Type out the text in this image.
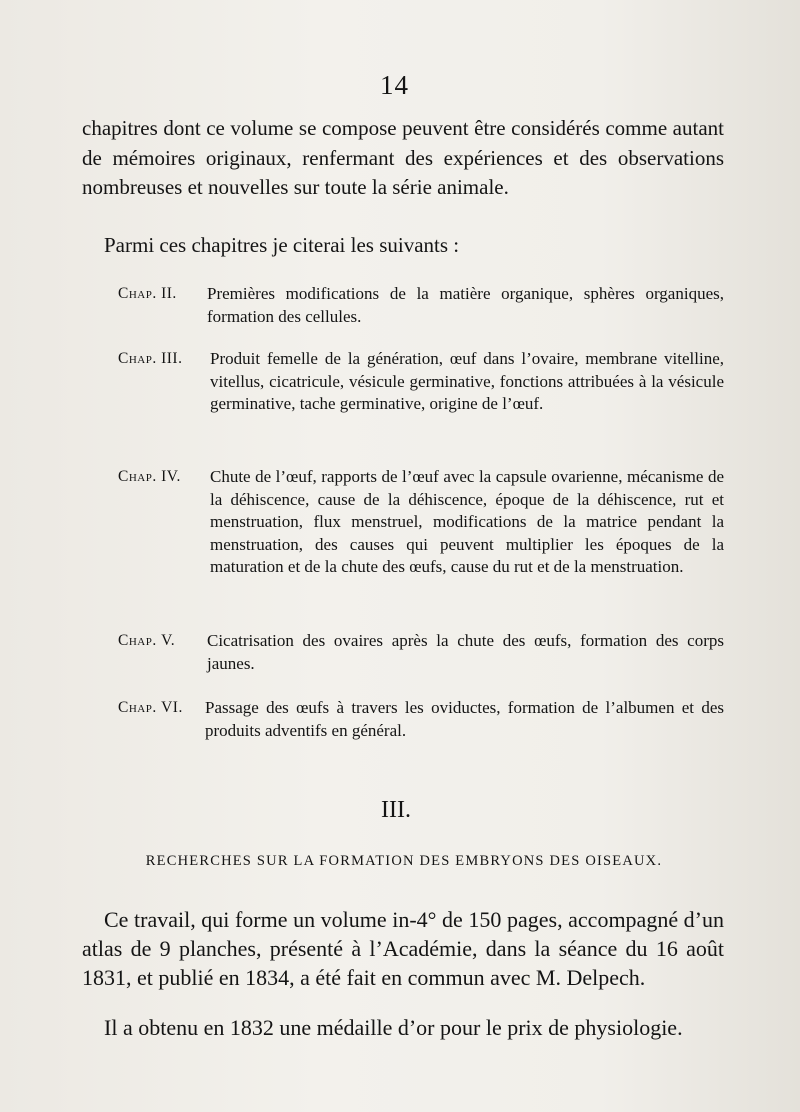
14

chapitres dont ce volume se compose peuvent être considérés comme autant de mémoires originaux, renfermant des expériences et des observations nombreuses et nouvelles sur toute la série animale.

Parmi ces chapitres je citerai les suivants :

Chap. II. Premières modifications de la matière organique, sphères organiques, formation des cellules.
Chap. III. Produit femelle de la génération, œuf dans l’ovaire, membrane vitelline, vitellus, cicatricule, vésicule germinative, fonctions attribuées à la vésicule germinative, tache germinative, origine de l’œuf.
Chap. IV. Chute de l’œuf, rapports de l’œuf avec la capsule ovarienne, mécanisme de la déhiscence, cause de la déhiscence, époque de la déhiscence, rut et menstruation, flux menstruel, modifications de la matrice pendant la menstruation, des causes qui peuvent multiplier les époques de la maturation et de la chute des œufs, cause du rut et de la menstruation.
Chap. V. Cicatrisation des ovaires après la chute des œufs, formation des corps jaunes.
Chap. VI. Passage des œufs à travers les oviductes, formation de l’albumen et des produits adventifs en général.
III.
RECHERCHES SUR LA FORMATION DES EMBRYONS DES OISEAUX.

Ce travail, qui forme un volume in-4° de 150 pages, accompagné d’un atlas de 9 planches, présenté à l’Académie, dans la séance du 16 août 1831, et publié en 1834, a été fait en commun avec M. Delpech.

Il a obtenu en 1832 une médaille d’or pour le prix de physiologie.
